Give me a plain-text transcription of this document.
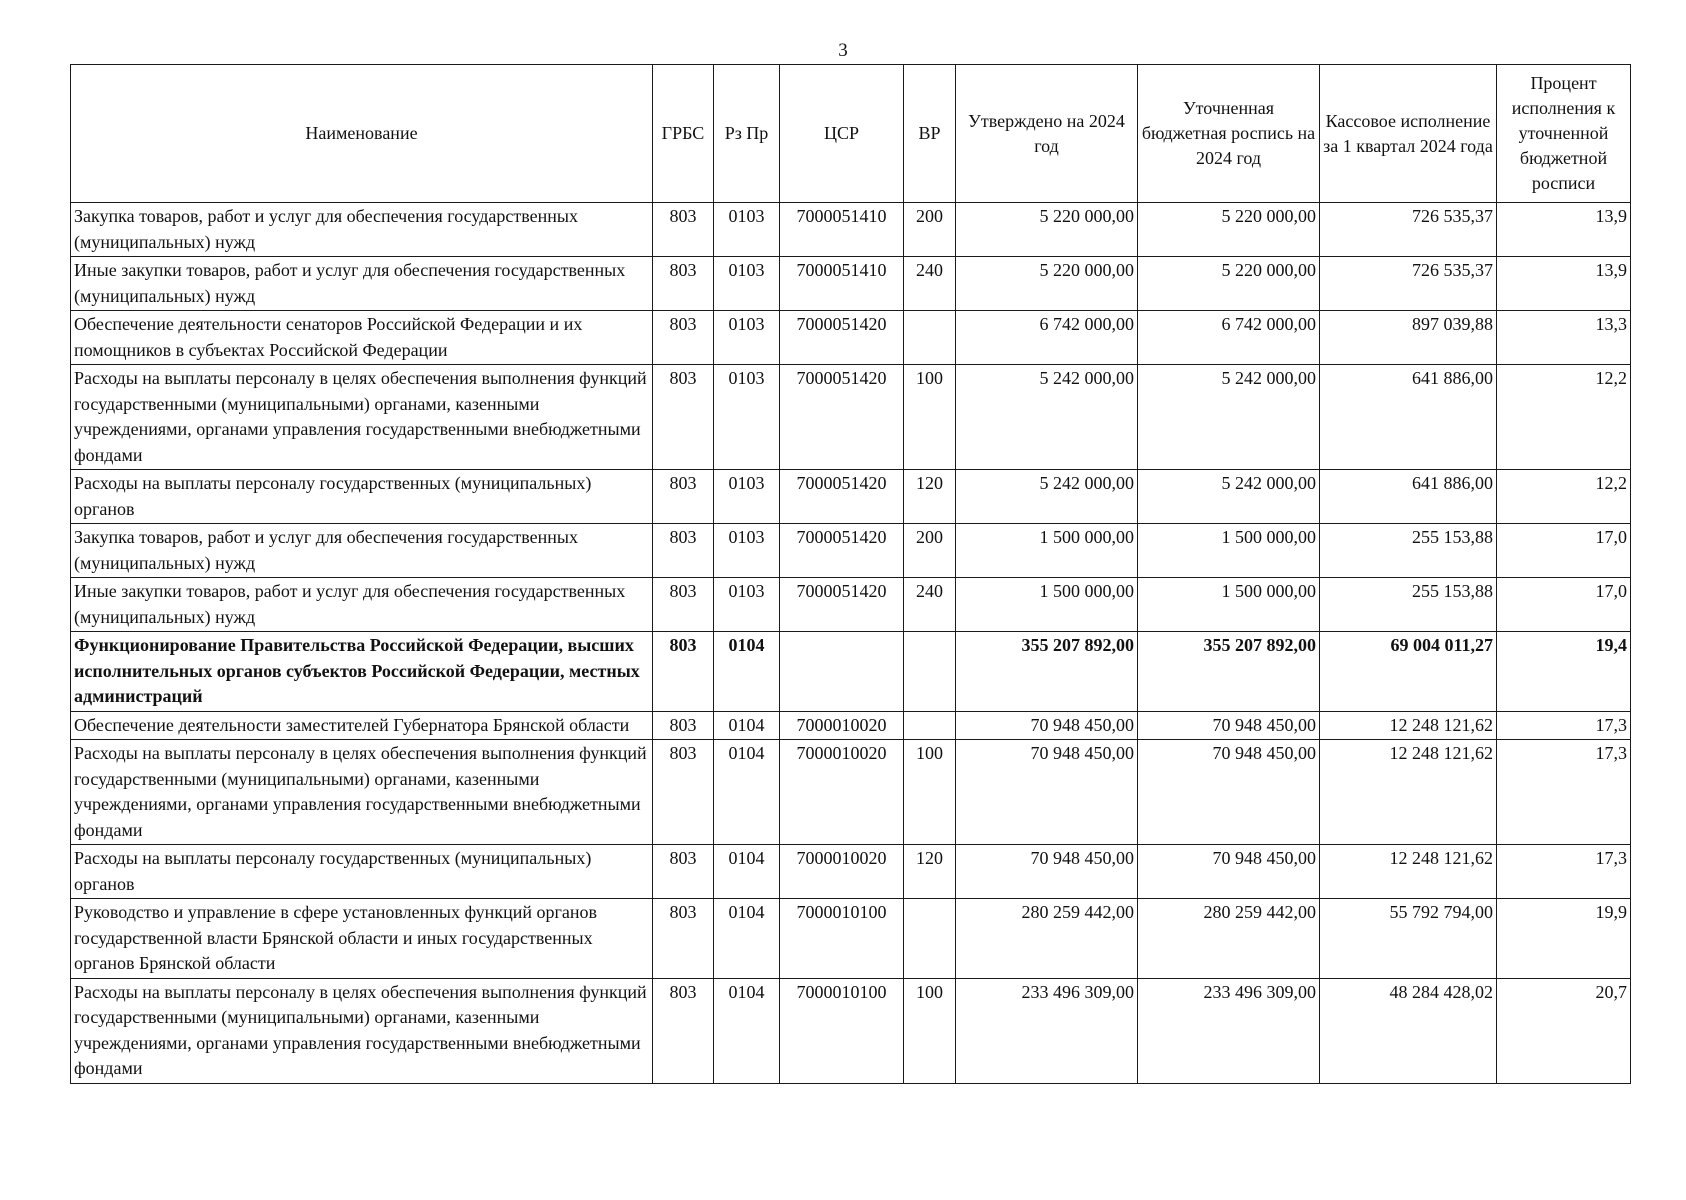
3
Наименование	ГРБС	Рз Пр	ЦСР	ВР	Утверждено на 2024 год	Уточненная бюджетная роспись на 2024 год	Кассовое исполнение за 1 квартал 2024 года	Процент исполнения к уточненной бюджетной росписи
Закупка товаров, работ и услуг для обеспечения государственных (муниципальных) нужд	803	0103	7000051410	200	5 220 000,00	5 220 000,00	726 535,37	13,9
Иные закупки товаров, работ и услуг для обеспечения государственных (муниципальных) нужд	803	0103	7000051410	240	5 220 000,00	5 220 000,00	726 535,37	13,9
Обеспечение деятельности сенаторов Российской Федерации и их помощников в субъектах Российской Федерации	803	0103	7000051420		6 742 000,00	6 742 000,00	897 039,88	13,3
Расходы на выплаты персоналу в целях обеспечения выполнения функций государственными (муниципальными) органами, казенными учреждениями, органами управления государственными внебюджетными фондами	803	0103	7000051420	100	5 242 000,00	5 242 000,00	641 886,00	12,2
Расходы на выплаты персоналу государственных (муниципальных) органов	803	0103	7000051420	120	5 242 000,00	5 242 000,00	641 886,00	12,2
Закупка товаров, работ и услуг для обеспечения государственных (муниципальных) нужд	803	0103	7000051420	200	1 500 000,00	1 500 000,00	255 153,88	17,0
Иные закупки товаров, работ и услуг для обеспечения государственных (муниципальных) нужд	803	0103	7000051420	240	1 500 000,00	1 500 000,00	255 153,88	17,0
Функционирование Правительства Российской Федерации, высших исполнительных органов субъектов Российской Федерации, местных администраций	803	0104			355 207 892,00	355 207 892,00	69 004 011,27	19,4
Обеспечение деятельности заместителей Губернатора Брянской области	803	0104	7000010020		70 948 450,00	70 948 450,00	12 248 121,62	17,3
Расходы на выплаты персоналу в целях обеспечения выполнения функций государственными (муниципальными) органами, казенными учреждениями, органами управления государственными внебюджетными фондами	803	0104	7000010020	100	70 948 450,00	70 948 450,00	12 248 121,62	17,3
Расходы на выплаты персоналу государственных (муниципальных) органов	803	0104	7000010020	120	70 948 450,00	70 948 450,00	12 248 121,62	17,3
Руководство и управление в сфере установленных функций органов государственной власти Брянской области и иных государственных органов Брянской области	803	0104	7000010100		280 259 442,00	280 259 442,00	55 792 794,00	19,9
Расходы на выплаты персоналу в целях обеспечения выполнения функций государственными (муниципальными) органами, казенными учреждениями, органами управления государственными внебюджетными фондами	803	0104	7000010100	100	233 496 309,00	233 496 309,00	48 284 428,02	20,7
